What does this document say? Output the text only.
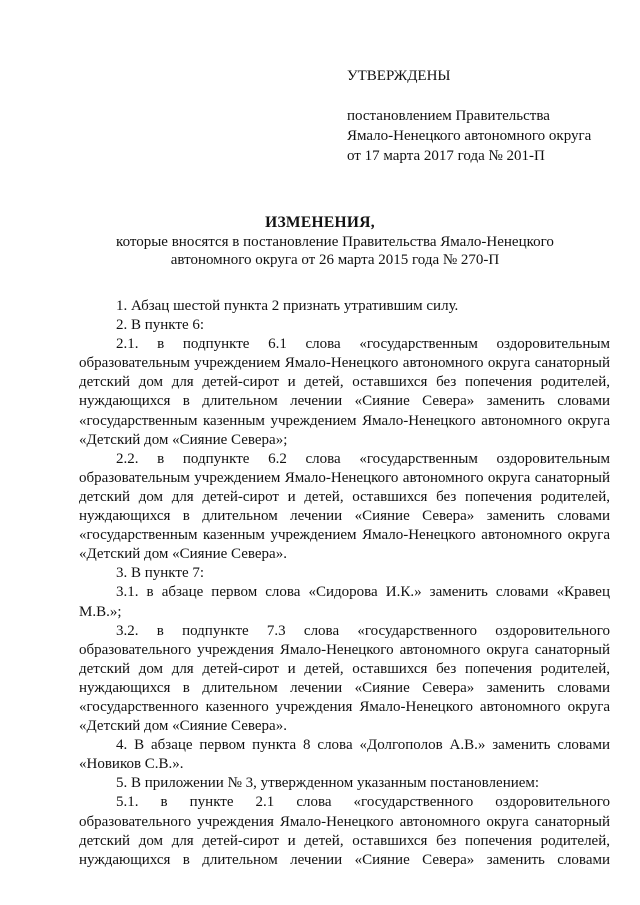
УТВЕРЖДЕНЫ
постановлением Правительства
Ямало-Ненецкого автономного округа
от 17 марта 2017 года № 201-П
ИЗМЕНЕНИЯ,
которые вносятся в постановление Правительства Ямало-Ненецкого
автономного округа от 26 марта 2015 года № 270-П

1. Абзац шестой пункта 2 признать утратившим силу.

2. В пункте 6:

2.1. в подпункте 6.1 слова «государственным оздоровительным образовательным учреждением Ямало-Ненецкого автономного округа санаторный детский дом для детей-сирот и детей, оставшихся без попечения родителей, нуждающихся в длительном лечении «Сияние Севера» заменить словами «государственным казенным учреждением Ямало-Ненецкого автономного округа «Детский дом «Сияние Севера»;

2.2. в подпункте 6.2 слова «государственным оздоровительным образовательным учреждением Ямало-Ненецкого автономного округа санаторный детский дом для детей-сирот и детей, оставшихся без попечения родителей, нуждающихся в длительном лечении «Сияние Севера» заменить словами «государственным казенным учреждением Ямало-Ненецкого автономного округа «Детский дом «Сияние Севера».

3. В пункте 7:

3.1. в абзаце первом слова «Сидорова И.К.» заменить словами «Кравец М.В.»;

3.2. в подпункте 7.3 слова «государственного оздоровительного образовательного учреждения Ямало-Ненецкого автономного округа санаторный детский дом для детей-сирот и детей, оставшихся без попечения родителей, нуждающихся в длительном лечении «Сияние Севера» заменить словами «государственного казенного учреждения Ямало-Ненецкого автономного округа «Детский дом «Сияние Севера».

4. В абзаце первом пункта 8 слова «Долгополов А.В.» заменить словами «Новиков С.В.».

5. В приложении № 3, утвержденном указанным постановлением:

5.1. в пункте 2.1 слова «государственного оздоровительного образовательного учреждения Ямало-Ненецкого автономного округа санаторный детский дом для детей-сирот и детей, оставшихся без попечения родителей, нуждающихся в длительном лечении «Сияние Севера» заменить словами
